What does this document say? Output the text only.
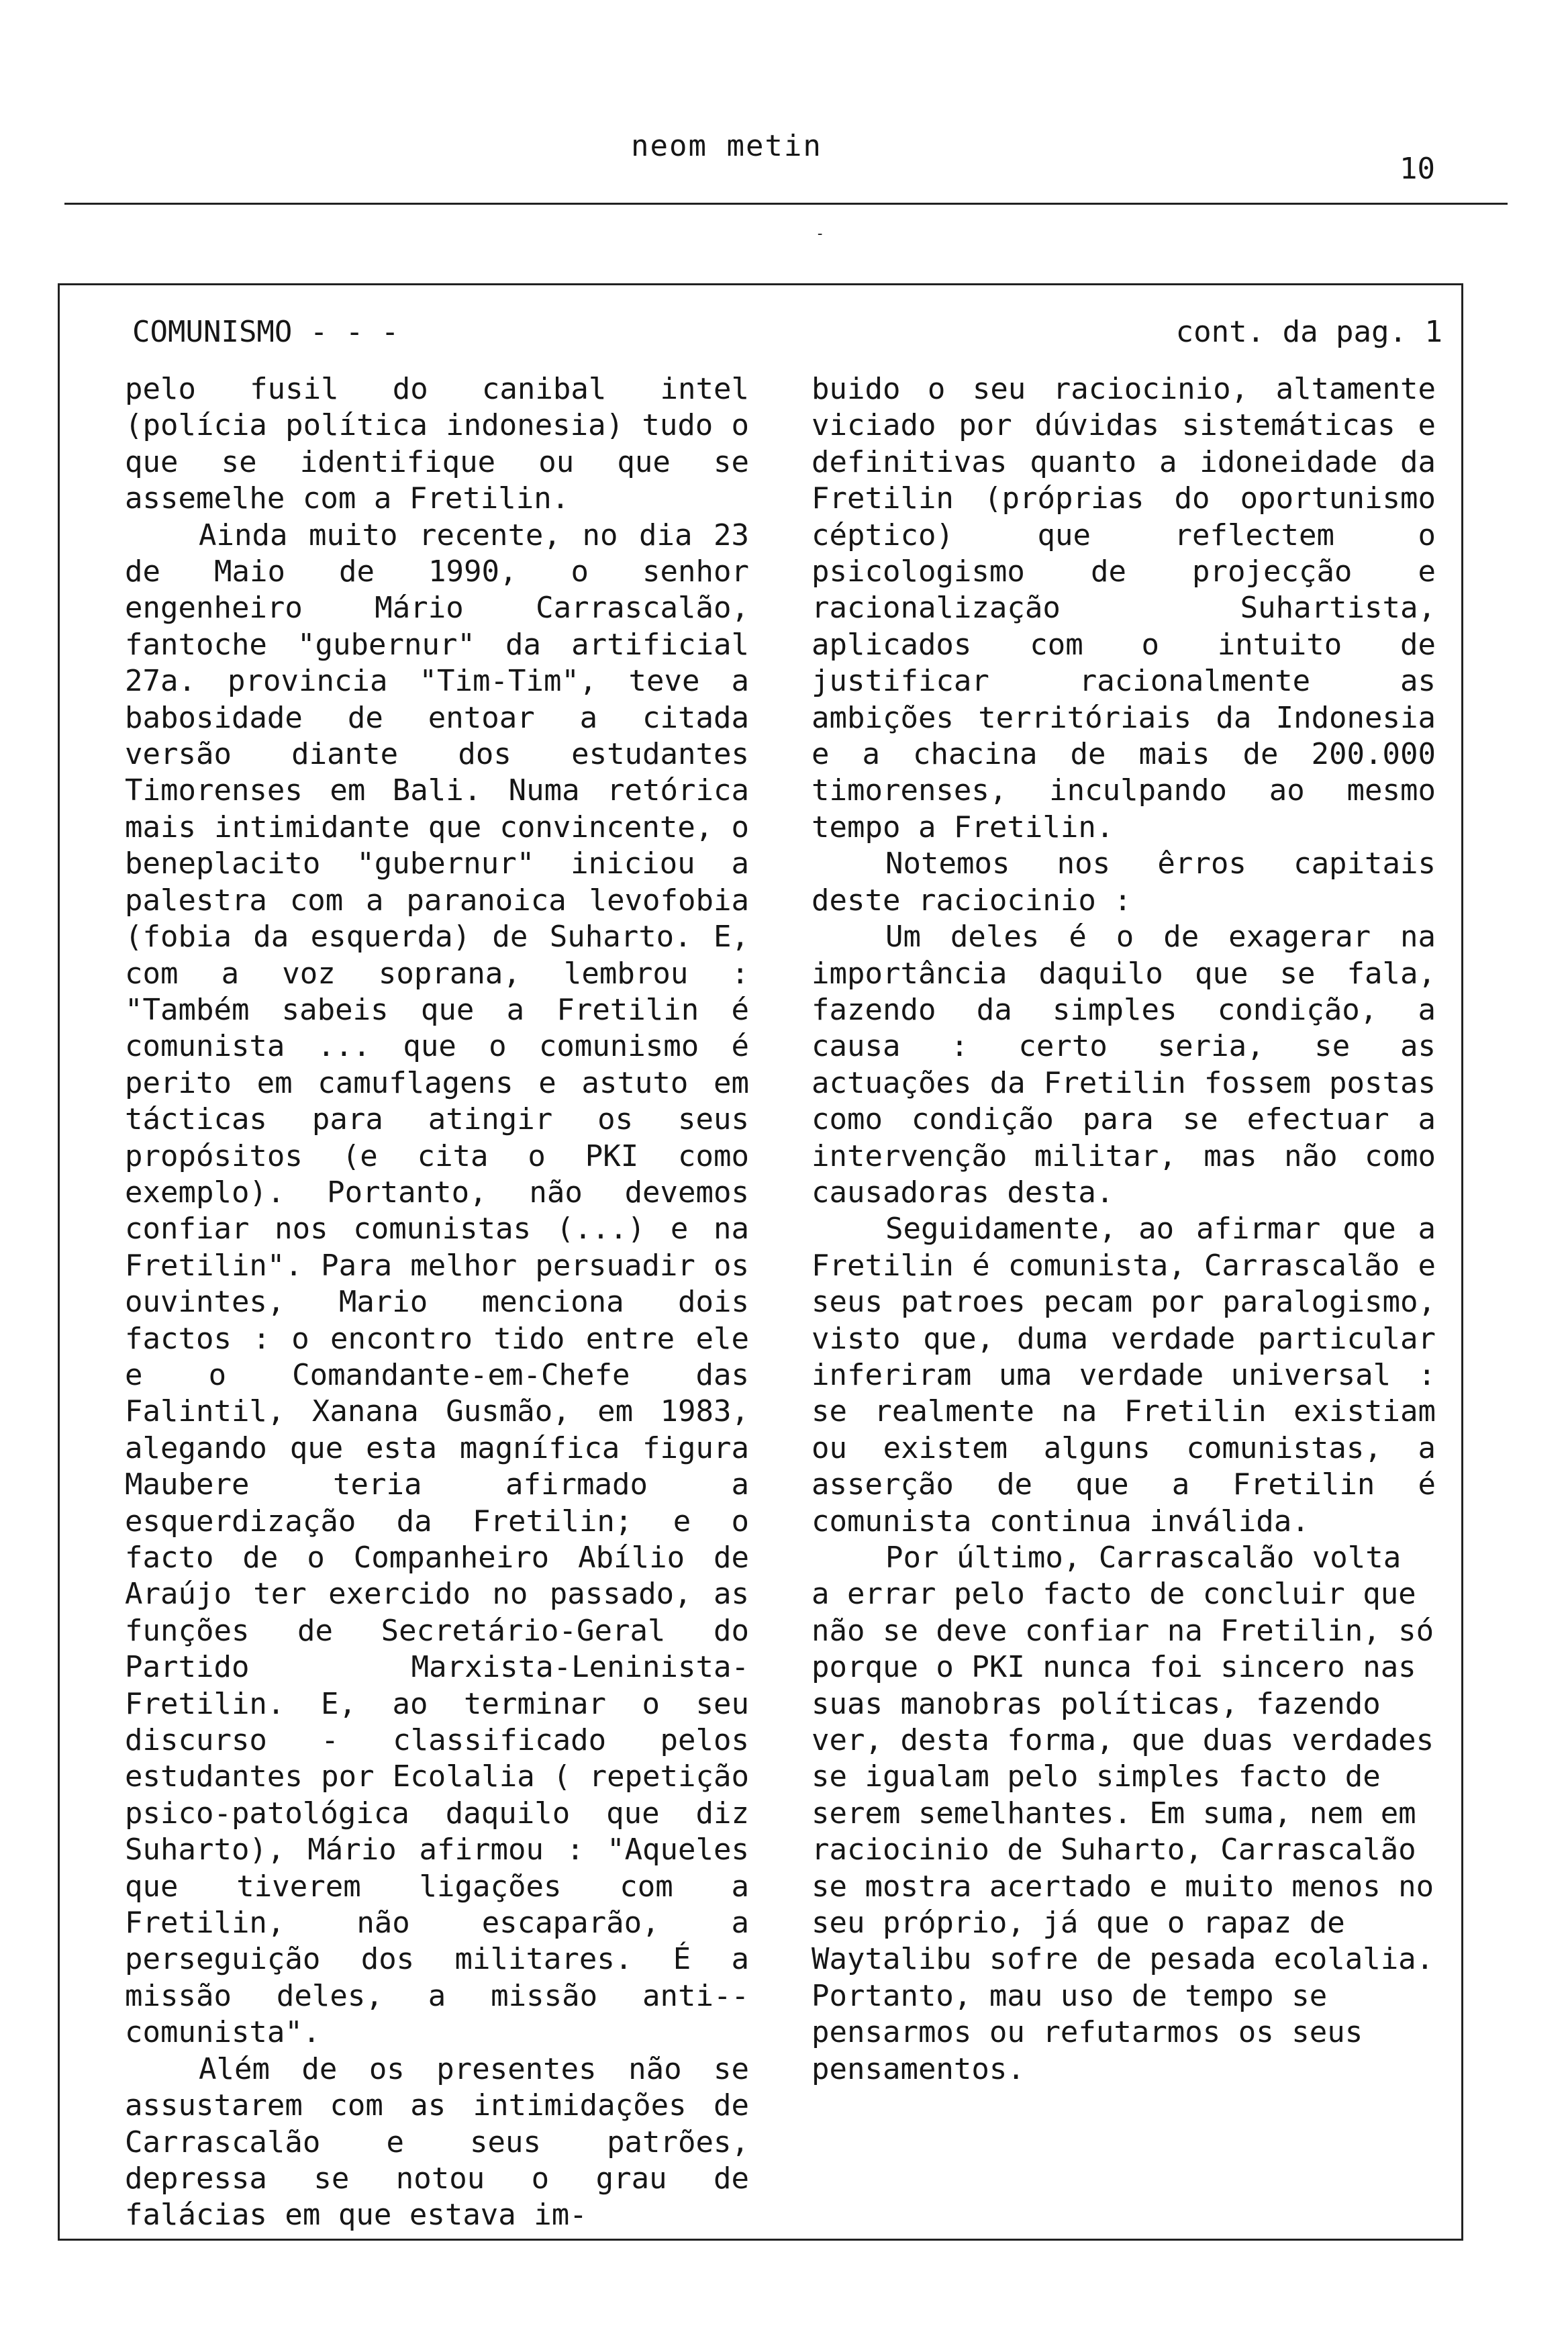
neom metin
10
-
COMUNISMO - - -	cont. da pag. 1

pelo fusil do canibal intel (polícia política indonesia) tudo o que se identifique ou que se assemelhe com a Fretilin.

Ainda muito recente, no dia 23 de Maio de 1990, o senhor engenheiro Mário Carrascalão, fantoche "gubernur" da artificial 27a. provincia "Tim-Tim", teve a babosidade de entoar a citada versão diante dos estudantes Timorenses em Bali. Numa retórica mais intimidante que convincente, o beneplacito "gubernur" iniciou a palestra com a paranoica levofobia (fobia da esquerda) de Suharto. E, com a voz soprana, lembrou : "Também sabeis que a Fretilin é comunista ... que o comunismo é perito em camuflagens e astuto em tácticas para atingir os seus propósitos (e cita o PKI como exemplo). Portanto, não devemos confiar nos comunistas (...) e na Fretilin". Para melhor persuadir os ouvintes, Mario menciona dois factos : o encontro tido entre ele e o Comandante-em-Chefe das Falintil, Xanana Gusmão, em 1983, alegando que esta magnífica figura Maubere teria afirmado a esquerdização da Fretilin; e o facto de o Companheiro Abílio de Araújo ter exercido no passado, as funções de Secretário-Geral do Partido Marxista-Leninista-Fretilin. E, ao terminar o seu discurso - classificado pelos estudantes por Ecolalia ( repetição psico-patológica daquilo que diz Suharto), Mário afirmou : "Aqueles que tiverem ligações com a Fretilin, não escaparão, a perseguição dos militares. É a missão deles, a missão anti--comunista".

Além de os presentes não se assustarem com as intimidações de Carrascalão e seus patrões, depressa se notou o grau de falácias em que estava im-

buido o seu raciocinio, altamente viciado por dúvidas sistemáticas e definitivas quanto a idoneidade da Fretilin (próprias do oportunismo céptico) que reflectem o psicologismo de projecção e racionalização Suhartista, aplicados com o intuito de justificar racionalmente as ambições territóriais da Indonesia e a chacina de mais de 200.000 timorenses, inculpando ao mesmo tempo a Fretilin.

Notemos nos êrros capitais deste raciocinio :

Um deles é o de exagerar na importância daquilo que se fala, fazendo da simples condição, a causa : certo seria, se as actuações da Fretilin fossem postas como condição para se efectuar a intervenção militar, mas não como causadoras desta.

Seguidamente, ao afirmar que a Fretilin é comunista, Carrascalão e seus patroes pecam por paralogismo, visto que, duma verdade particular inferiram uma verdade universal : se realmente na Fretilin existiam ou existem alguns comunistas, a asserção de que a Fretilin é comunista continua inválida.

Por último, Carrascalão volta a errar pelo facto de concluir que não se deve confiar na Fretilin, só porque o PKI nunca foi sincero nas suas manobras políticas, fazendo ver, desta forma, que duas verdades se igualam pelo simples facto de serem semelhantes. Em suma, nem em raciocinio de Suharto, Carrascalão se mostra acertado e muito menos no seu próprio, já que o rapaz de Waytalibu sofre de pesada ecolalia. Portanto, mau uso de tempo se pensarmos ou refutarmos os seus pensamentos.
